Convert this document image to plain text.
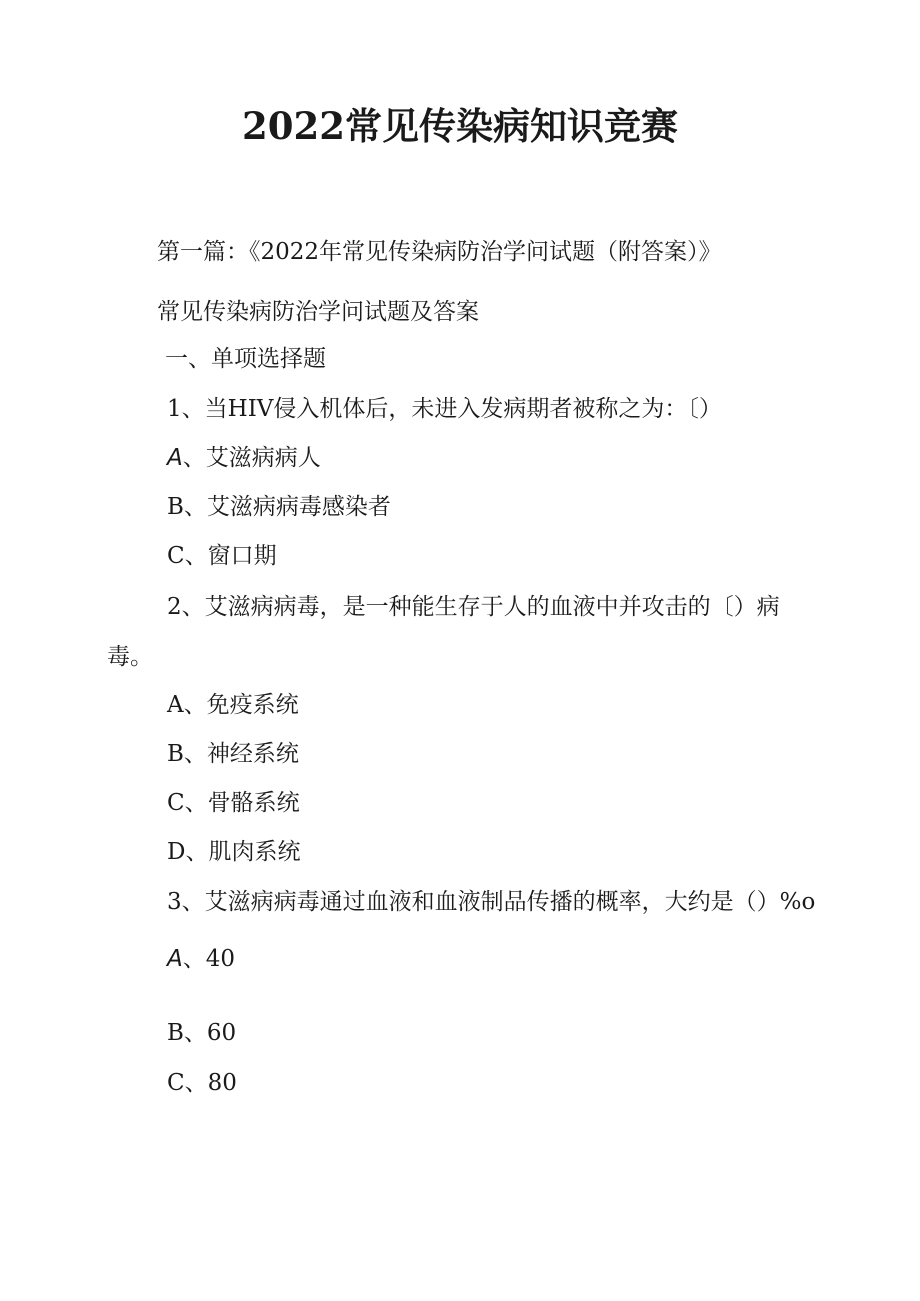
2022常见传染病知识竞赛
第一篇：《2022年常见传染病防治学问试题（附答案）》
常见传染病防治学问试题及答案
一、单项选择题
1、当HIV侵入机体后，未进入发病期者被称之为：〔）
A、艾滋病病人
B、艾滋病病毒感染者
C、窗口期
2、艾滋病病毒，是一种能生存于人的血液中并攻击的〔）病
毒。
A、免疫系统
B、神经系统
C、骨骼系统
D、肌肉系统
3、艾滋病病毒通过血液和血液制品传播的概率，大约是（）%o
A、40
B、60
C、80
